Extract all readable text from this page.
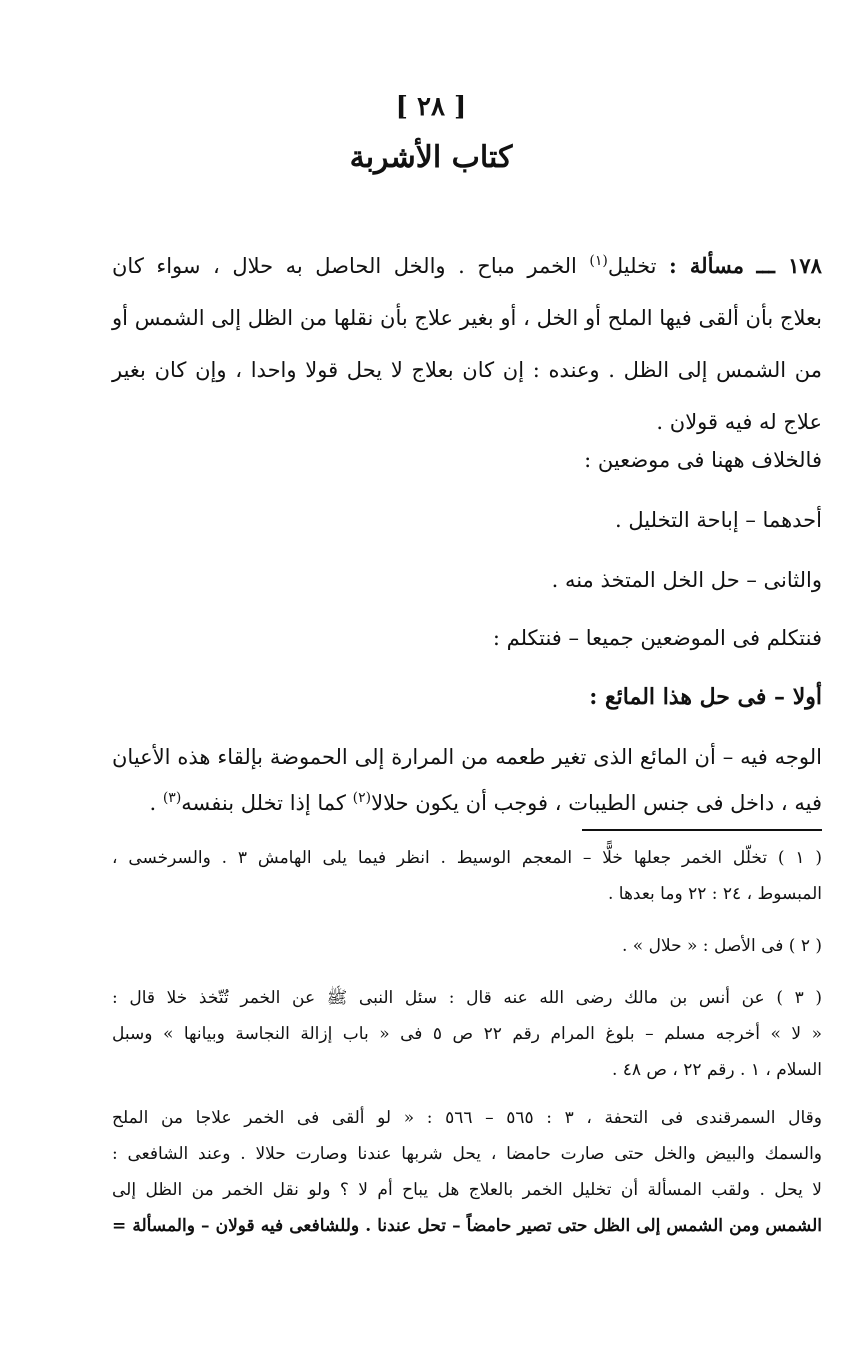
[ ٢٨ ]
كتاب الأشربة
١٧٨ ـــ مسألة : تخليل$^{(١)}$ الخمر مباح . والخل الحاصل به حلال ، سواء كان
بعلاج بأن ألقى فيها الملح أو الخل ، أو بغير علاج بأن نقلها من الظل إلى الشمس أو
من الشمس إلى الظل . وعنده : إن كان بعلاج لا يحل قولا واحدا ، وإن كان بغير
علاج له فيه قولان .
فالخلاف ههنا فى موضعين :
أحدهما – إباحة التخليل .
والثانى – حل الخل المتخذ منه .
فنتكلم فى الموضعين جميعا – فنتكلم :
أولا – فى حل هذا المائع :
الوجه فيه – أن المائع الذى تغير طعمه من المرارة إلى الحموضة بإلقاء هذه الأعيان
فيه ، داخل فى جنس الطيبات ، فوجب أن يكون حلالا$^{(٢)}$ كما إذا تخلل بنفسه$^{(٣)}$ .
( ١ ) تخلّل الخمر جعلها خلًّا – المعجم الوسيط . انظر فيما يلى الهامش ٣ . والسرخسى ،
المبسوط ، ٢٤ : ٢٢ وما بعدها .
( ٢ ) فى الأصل : « حلال » .
( ٣ ) عن أنس بن مالك رضى الله عنه قال : سئل النبى ﷺ عن الخمر تُتّخذ خلا قال :
« لا » أخرجه مسلم – بلوغ المرام رقم ٢٢ ص ٥ فى « باب إزالة النجاسة وبيانها » وسبل
السلام ، ١ . رقم ٢٢ ، ص ٤٨ .
وقال السمرقندى فى التحفة ، ٣ : ٥٦٥ – ٥٦٦ : « لو ألقى فى الخمر علاجا من الملح
والسمك والبيض والخل حتى صارت حامضا ، يحل شربها عندنا وصارت حلالا . وعند الشافعى :
لا يحل . ولقب المسألة أن تخليل الخمر بالعلاج هل يباح أم لا ؟ ولو نقل الخمر من الظل إلى
الشمس ومن الشمس إلى الظل حتى تصير حامضاً – تحل عندنا . وللشافعى فيه قولان – والمسألة =
